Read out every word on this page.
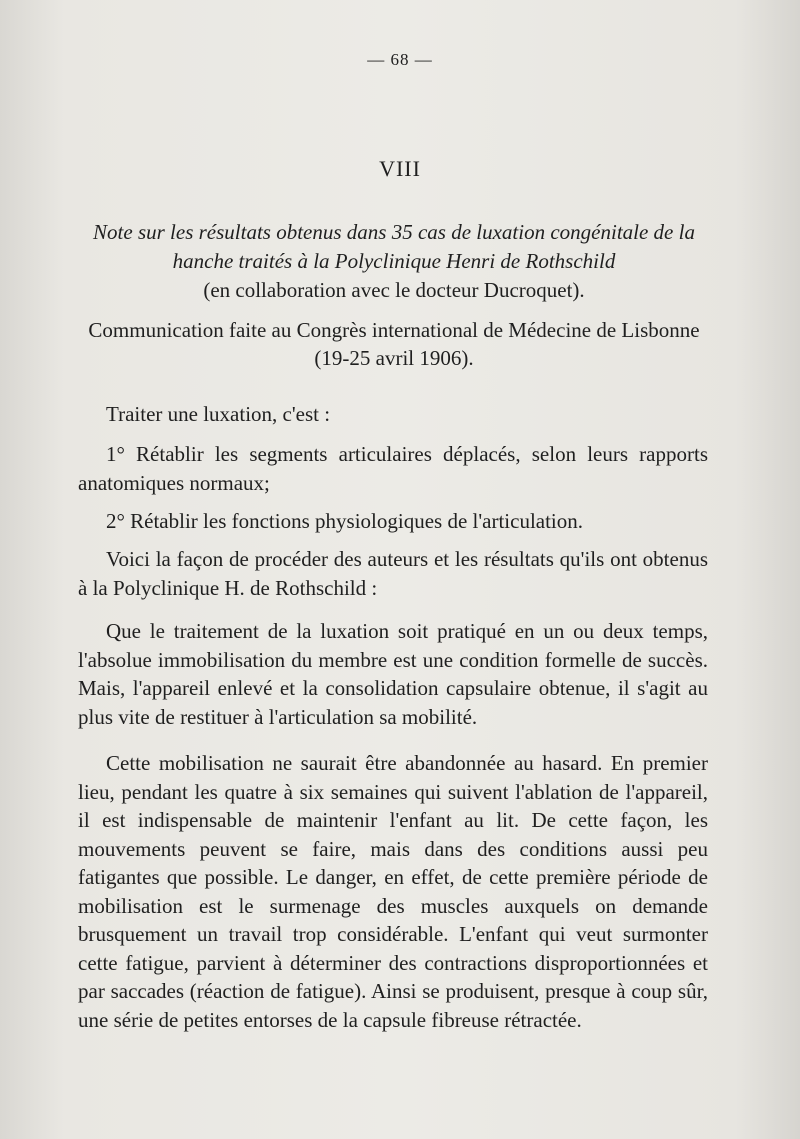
— 68 —
VIII
Note sur les résultats obtenus dans 35 cas de luxation congénitale de la hanche traités à la Polyclinique Henri de Rothschild
(en collaboration avec le docteur Ducroquet).
Communication faite au Congrès international de Médecine de Lisbonne (19-25 avril 1906).

Traiter une luxation, c'est :

1° Rétablir les segments articulaires déplacés, selon leurs rapports anatomiques normaux;

2° Rétablir les fonctions physiologiques de l'articulation.

Voici la façon de procéder des auteurs et les résultats qu'ils ont obtenus à la Polyclinique H. de Rothschild :

Que le traitement de la luxation soit pratiqué en un ou deux temps, l'absolue immobilisation du membre est une condition formelle de succès. Mais, l'appareil enlevé et la consolidation capsulaire obtenue, il s'agit au plus vite de restituer à l'articulation sa mobilité.

Cette mobilisation ne saurait être abandonnée au hasard. En premier lieu, pendant les quatre à six semaines qui suivent l'ablation de l'appareil, il est indispensable de maintenir l'enfant au lit. De cette façon, les mouvements peuvent se faire, mais dans des conditions aussi peu fatigantes que possible. Le danger, en effet, de cette première période de mobilisation est le surmenage des muscles auxquels on demande brusquement un travail trop considérable. L'enfant qui veut surmonter cette fatigue, parvient à déterminer des contractions disproportionnées et par saccades (réaction de fatigue). Ainsi se produisent, presque à coup sûr, une série de petites entorses de la capsule fibreuse rétractée.
